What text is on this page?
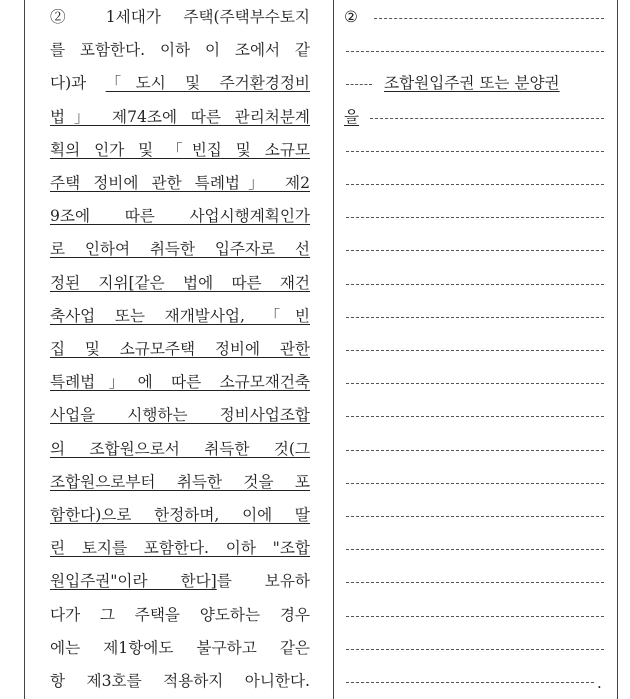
② 1세대가 주택(주택부수토지
를 포함한다. 이하 이 조에서 같
다)과 「도시 및 주거환경정비
법」 제74조에 따른 관리처분계
획의 인가 및 「빈집 및 소규모
주택 정비에 관한 특례법」 제2
9조에 따른 사업시행계획인가
로 인하여 취득한 입주자로 선
정된 지위[같은 법에 따른 재건
축사업 또는 재개발사업, 「빈
집 및 소규모주택 정비에 관한
특례법」에 따른 소규모재건축
사업을 시행하는 정비사업조합
의 조합원으로서 취득한 것(그
조합원으로부터 취득한 것을 포
함한다)으로 한정하며, 이에 딸
린 토지를 포함한다. 이하 "조합
원입주권"이라 한다]를 보유하
다가 그 주택을 양도하는 경우
에는 제1항에도 불구하고 같은
항 제3호를 적용하지 아니한다.
②
조합원입주권 또는 분양권
을
.
